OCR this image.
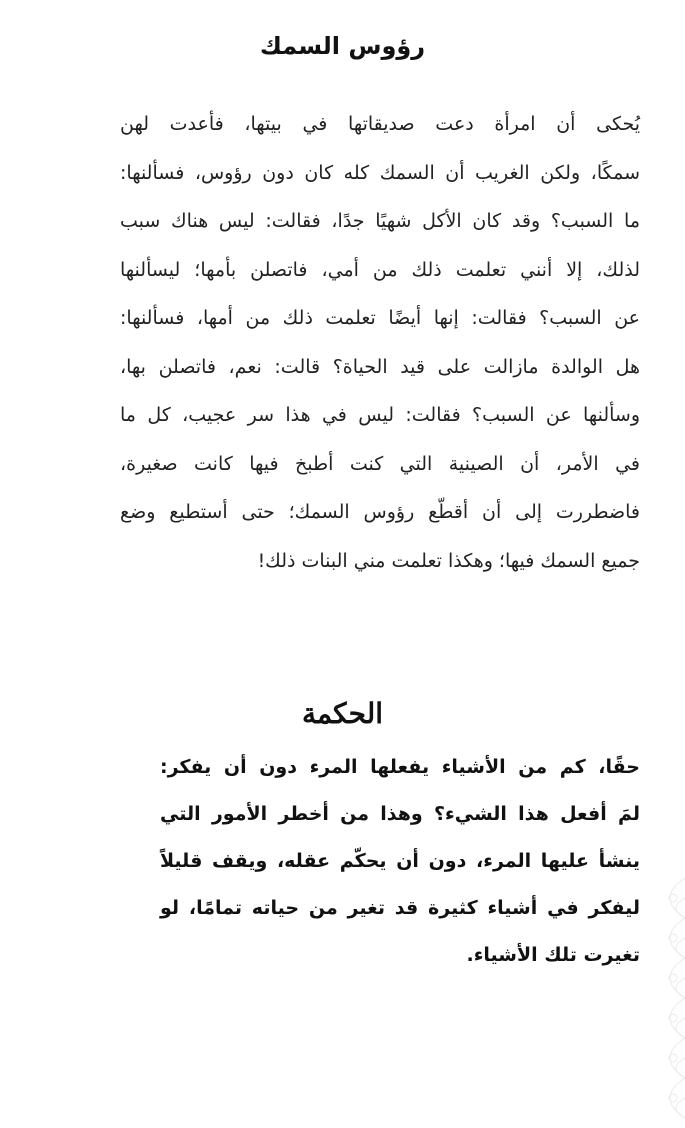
رؤوس السمك
يُحكى أن امرأة دعت صديقاتها في بيتها، فأعدت لهن
سمكًا، ولكن الغريب أن السمك كله كان دون رؤوس، فسألنها:
ما السبب؟ وقد كان الأكل شهيًا جدًا، فقالت: ليس هناك سبب
لذلك، إلا أنني تعلمت ذلك من أمي، فاتصلن بأمها؛ ليسألنها
عن السبب؟ فقالت: إنها أيضًا تعلمت ذلك من أمها، فسألنها:
هل الوالدة مازالت على قيد الحياة؟ قالت: نعم، فاتصلن بها،
وسألنها عن السبب؟ فقالت: ليس في هذا سر عجيب، كل ما
في الأمر، أن الصينية التي كنت أطبخ فيها كانت صغيرة،
فاضطررت إلى أن أقطّع رؤوس السمك؛ حتى أستطيع وضع
جميع السمك فيها؛ وهكذا تعلمت مني البنات ذلك!
الحكمة
حقًا، كم من الأشياء يفعلها المرء دون أن يفكر:
لمَ أفعل هذا الشيء؟ وهذا من أخطر الأمور التي
ينشأ عليها المرء، دون أن يحكّم عقله، ويقف قليلاً
ليفكر في أشياء كثيرة قد تغير من حياته تمامًا، لو
تغيرت تلك الأشياء.
